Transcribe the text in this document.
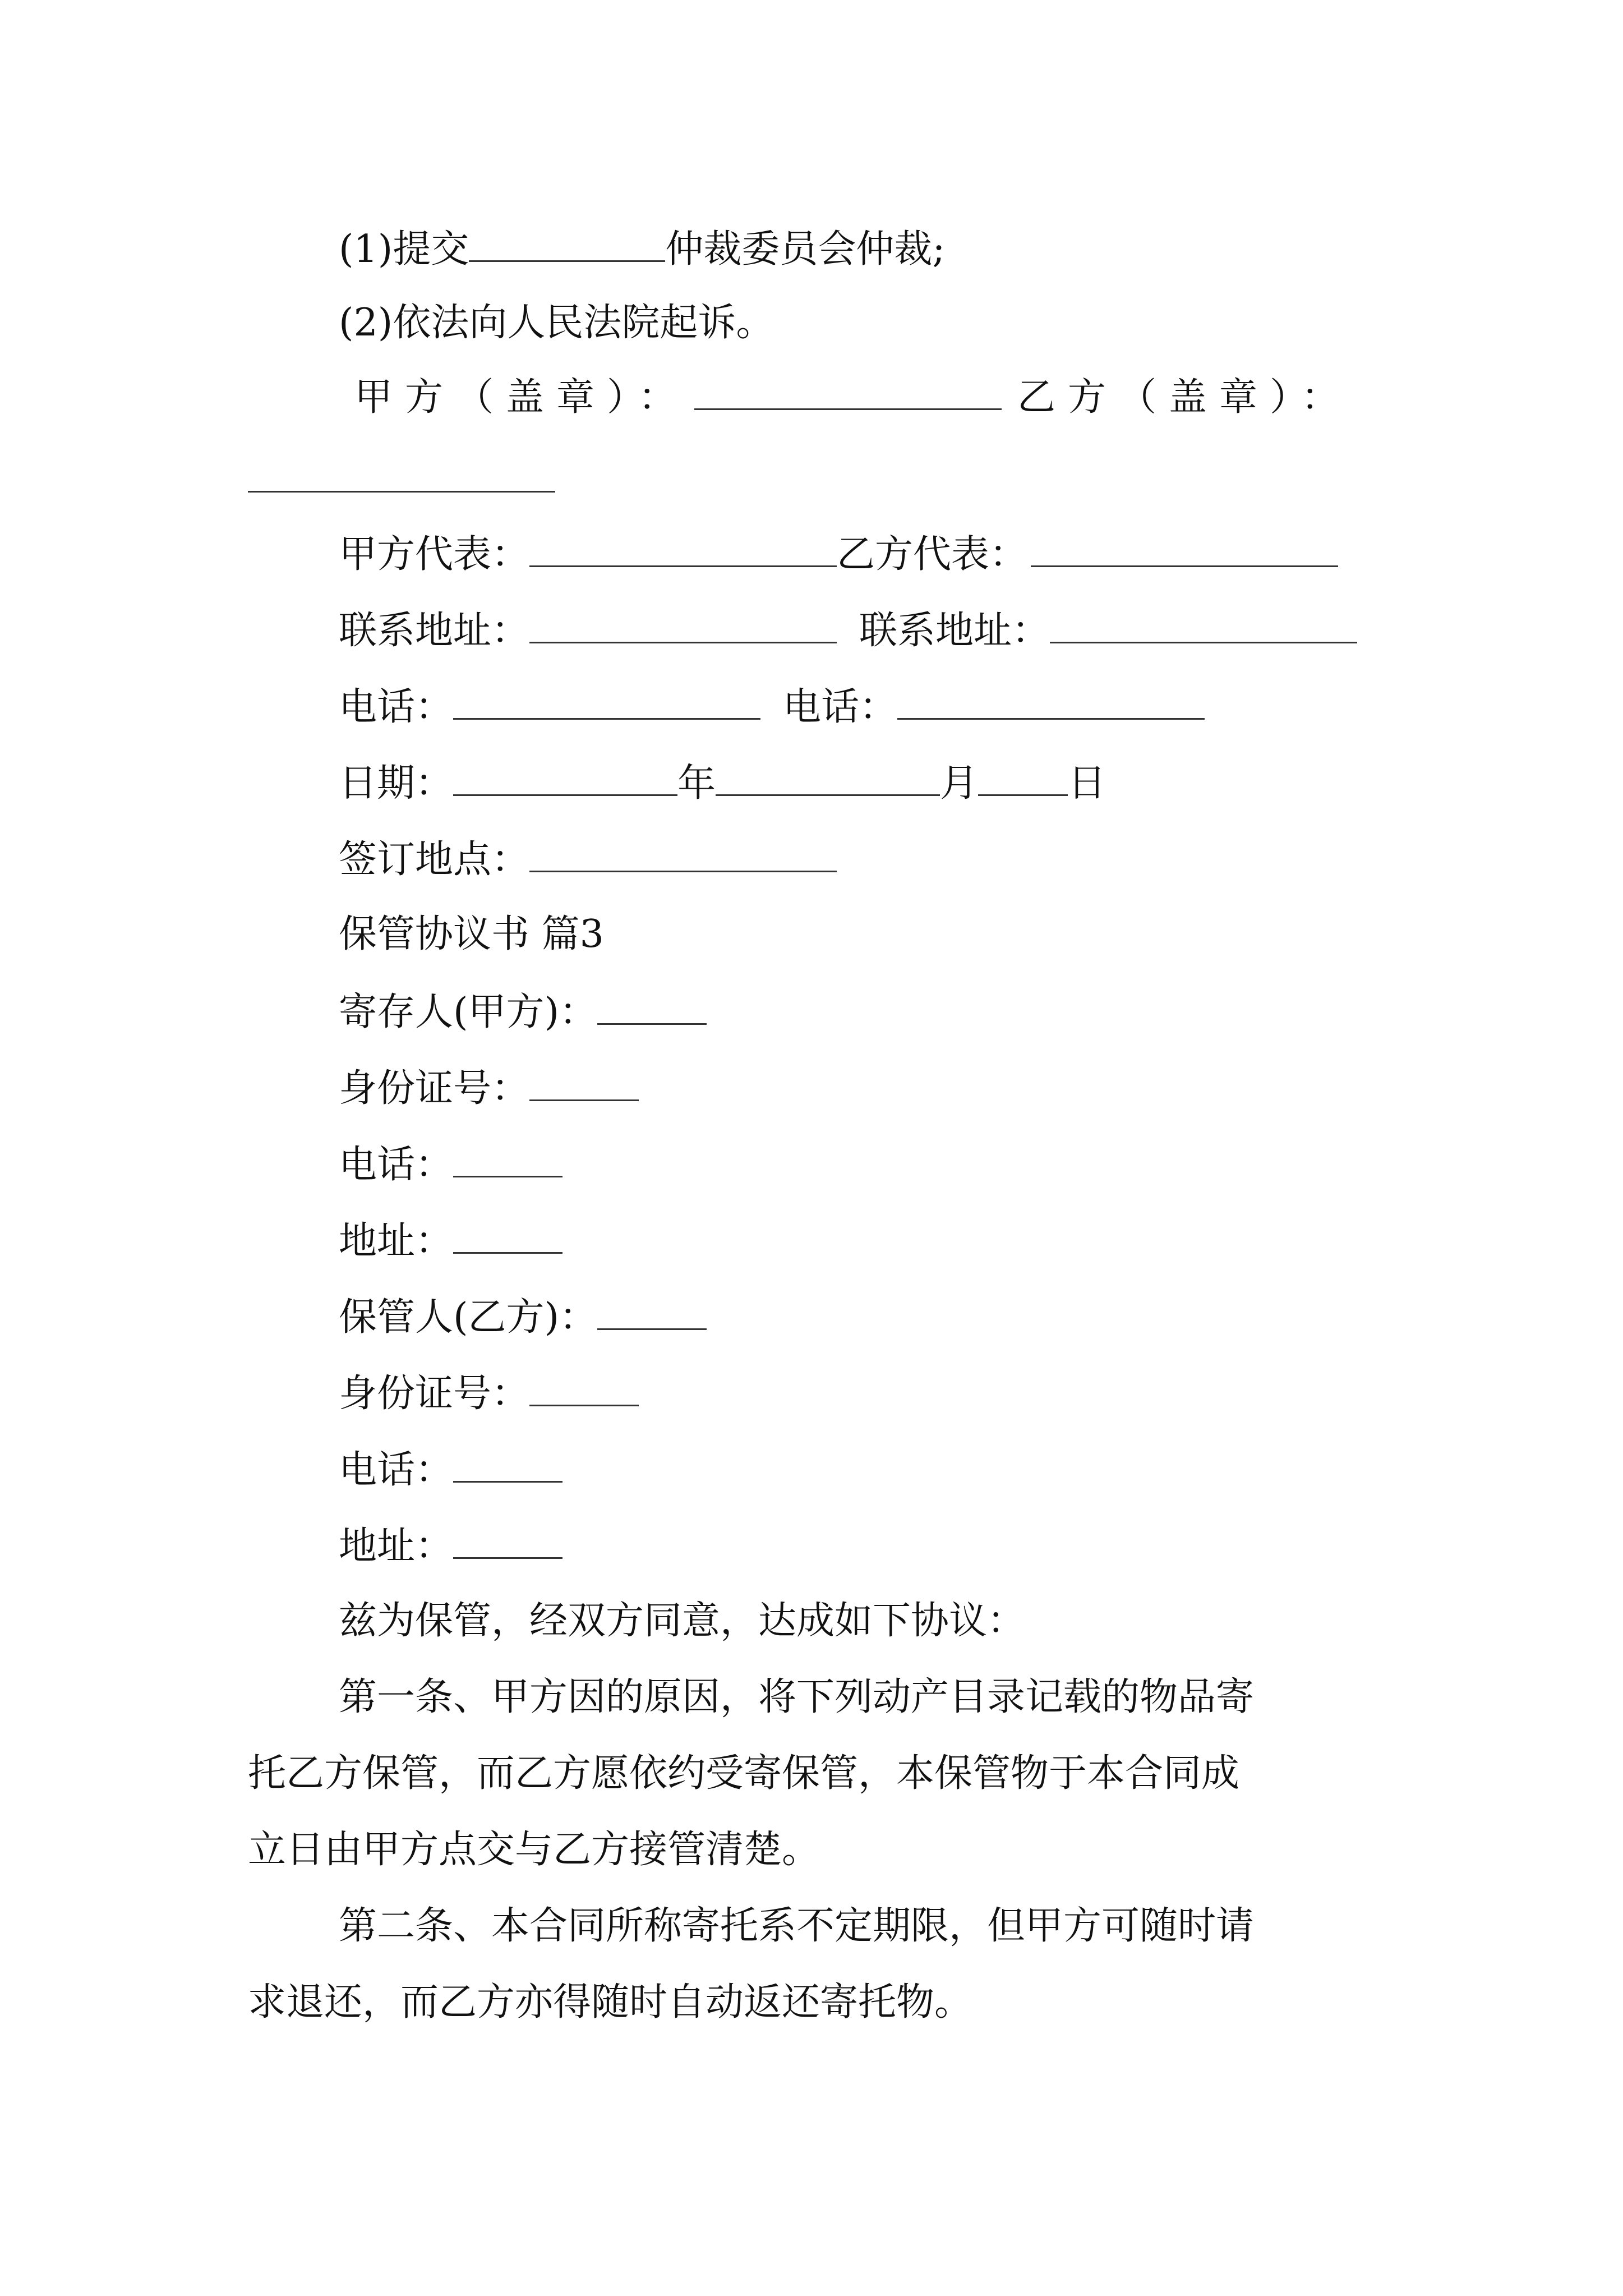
(1)提交	仲裁委员会仲裁;
(2)依法向人民法院起诉。
甲方（盖章）：	乙方（盖章）：
甲方代表：	乙方代表：
联系地址：	联系地址：
电话：	电话：
日期：	年	月 日
签订地点：
保管协议书 篇3
寄存人(甲方)：
身份证号：
电话：
地址：
保管人(乙方)：
身份证号：
电话：
地址：
兹为保管，经双方同意，达成如下协议：
第一条、甲方因的原因，将下列动产目录记载的物品寄
托乙方保管，而乙方愿依约受寄保管，本保管物于本合同成
立日由甲方点交与乙方接管清楚。
第二条、本合同所称寄托系不定期限，但甲方可随时请
求退还，而乙方亦得随时自动返还寄托物。
